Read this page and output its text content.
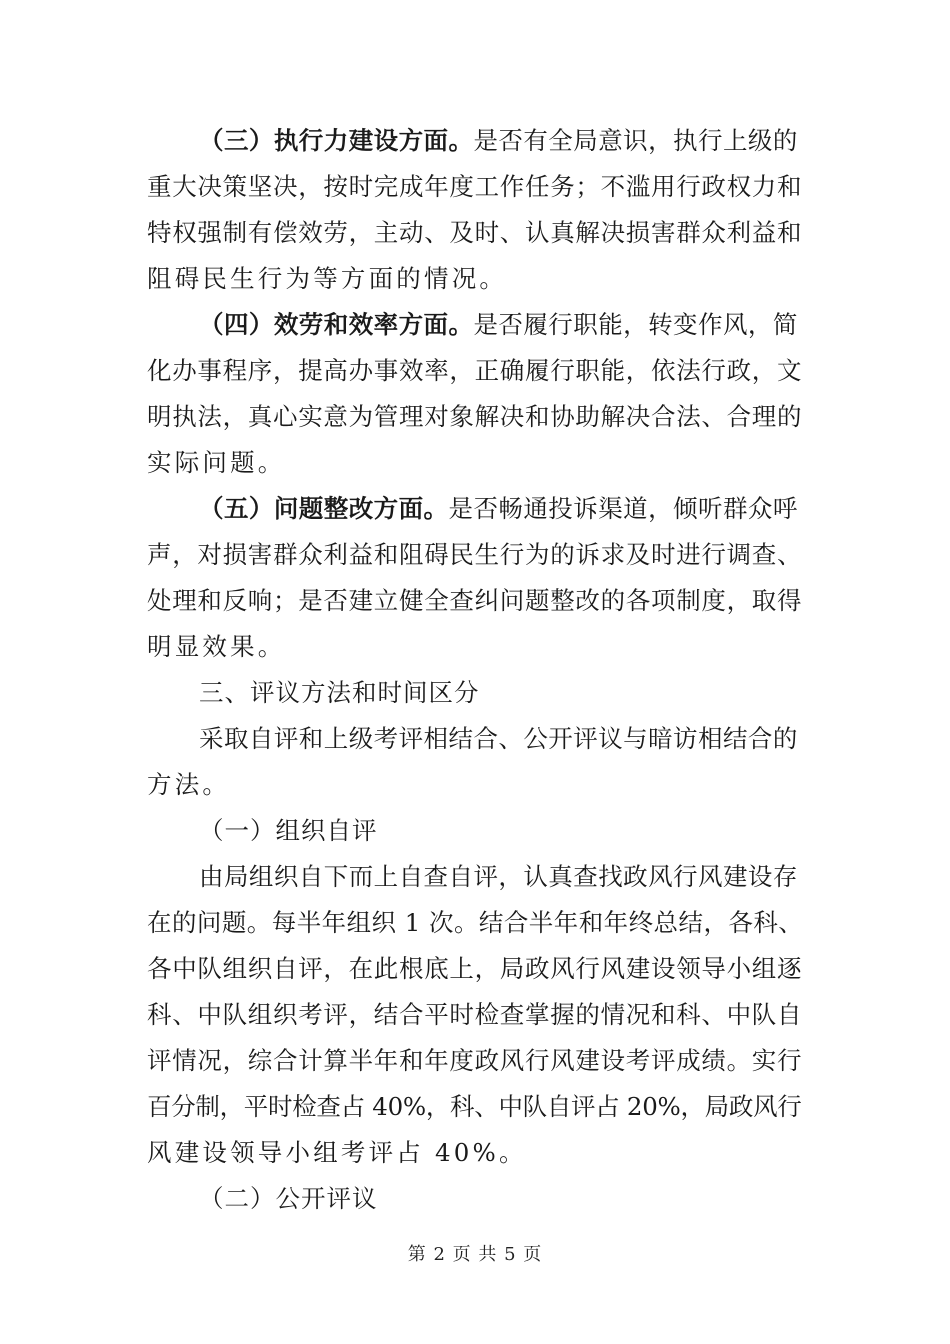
（三）执行力建设方面。是否有全局意识，执行上级的
重大决策坚决，按时完成年度工作任务；不滥用行政权力和
特权强制有偿效劳，主动、及时、认真解决损害群众利益和
阻碍民生行为等方面的情况。
（四）效劳和效率方面。是否履行职能，转变作风，简
化办事程序，提高办事效率，正确履行职能，依法行政，文
明执法，真心实意为管理对象解决和协助解决合法、合理的
实际问题。
（五）问题整改方面。是否畅通投诉渠道，倾听群众呼
声，对损害群众利益和阻碍民生行为的诉求及时进行调查、
处理和反响；是否建立健全查纠问题整改的各项制度，取得
明显效果。
三、评议方法和时间区分
采取自评和上级考评相结合、公开评议与暗访相结合的
方法。
（一）组织自评
由局组织自下而上自查自评，认真查找政风行风建设存
在的问题。每半年组织 1 次。结合半年和年终总结，各科、
各中队组织自评，在此根底上，局政风行风建设领导小组逐
科、中队组织考评，结合平时检查掌握的情况和科、中队自
评情况，综合计算半年和年度政风行风建设考评成绩。实行
百分制，平时检查占 40%，科、中队自评占 20%，局政风行
风建设领导小组考评占 40%。
（二）公开评议
第 2 页 共 5 页
